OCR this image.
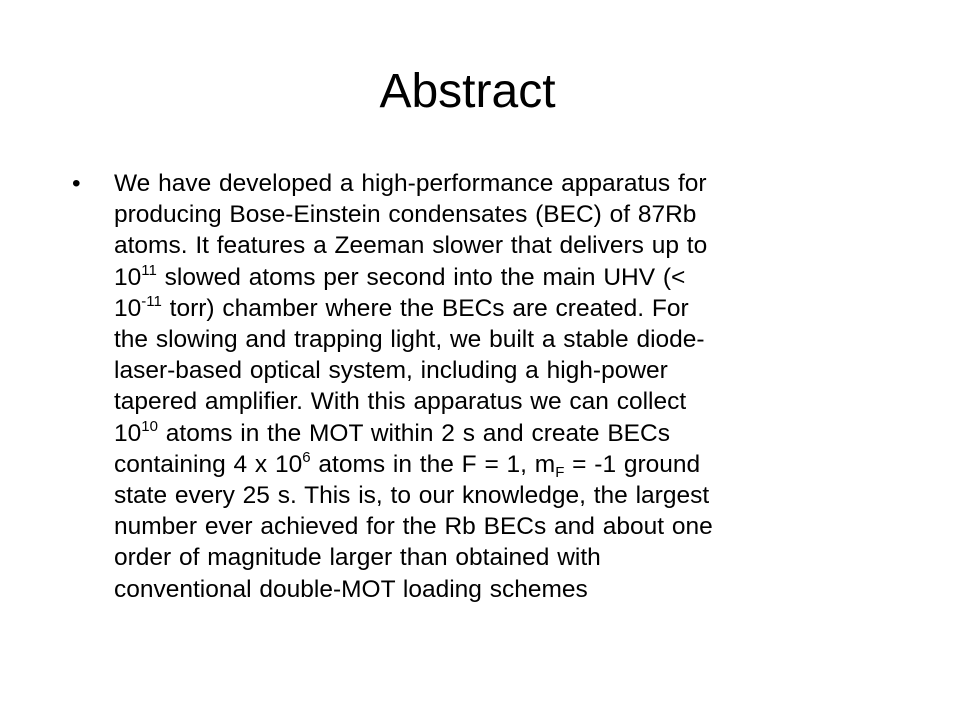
Abstract
• We have developed a high-performance apparatus for
producing Bose-Einstein condensates (BEC) of 87Rb
atoms. It features a Zeeman slower that delivers up to
$10^{11}$ slowed atoms per second into the main UHV (<
$10^{-11}$ torr) chamber where the BECs are created. For
the slowing and trapping light, we built a stable diode-
laser-based optical system, including a high-power
tapered amplifier. With this apparatus we can collect
$10^{10}$ atoms in the MOT within 2 s and create BECs
containing 4 x $10^6$ atoms in the F = 1, $m_F = -1$ ground
state every 25 s. This is, to our knowledge, the largest
number ever achieved for the Rb BECs and about one
order of magnitude larger than obtained with
conventional double-MOT loading schemes
